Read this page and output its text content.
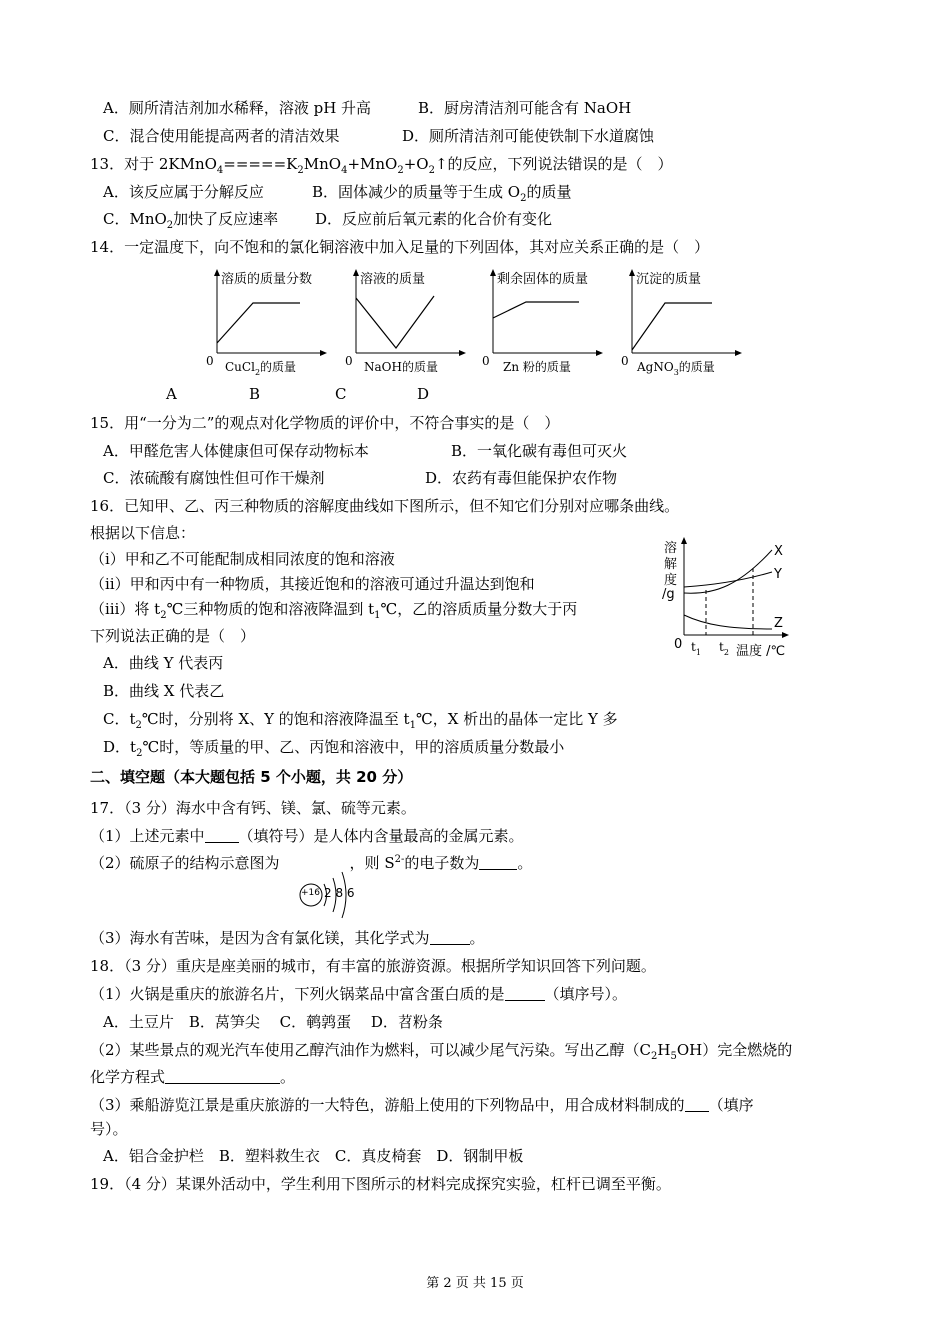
A．厕所清洁剂加水稀释，溶液 pH 升高	B．厨房清洁剂可能含有 NaOH
C．混合使用能提高两者的清洁效果	D．厕所清洁剂可能使铁制下水道腐蚀
13．对于 $2KMnO_4=====K_2MnO_4+MnO_2+O_2↑$的反应，下列说法错误的是（　）
A．该反应属于分解反应	B．固体减少的质量等于生成 $O_2$的质量
C．MnO$_2$加快了反应速率 D．反应前后氧元素的化合价有变化
14．一定温度下，向不饱和的氯化铜溶液中加入足量的下列固体，其对应关系正确的是（　）
溶质的质量分数
0 CuCl$_2$的质量
溶液的质量
0 NaOH的质量
剩余固体的质量
0 Zn 粉的质量
沉淀的质量
0 AgNO$_3$的质量
A	B	C	D
15．用“一分为二”的观点对化学物质的评价中，不符合事实的是（　）
A．甲醛危害人体健康但可保存动物标本	B．一氧化碳有毒但可灭火
C．浓硫酸有腐蚀性但可作干燥剂	D．农药有毒但能保护农作物
16．已知甲、乙、丙三种物质的溶解度曲线如下图所示，但不知它们分别对应哪条曲线。
根据以下信息：
（ⅰ）甲和乙不可能配制成相同浓度的饱和溶液
（ⅱ）甲和丙中有一种物质，其接近饱和的溶液可通过升温达到饱和
（ⅲ）将 $t_2℃$三种物质的饱和溶液降温到 $t_1℃$，乙的溶质质量分数大于丙
下列说法正确的是（　）
A．曲线 Y 代表丙
B．曲线 X 代表乙
C．$t_2℃$时，分别将 X、Y 的饱和溶液降温至 $t_1℃$，X 析出的晶体一定比 Y 多
D．$t_2℃$时，等质量的甲、乙、丙饱和溶液中，甲的溶质质量分数最小
溶
解
度
/g
X
Y
Z
0 $t_1$ $t_2$ 温度 /℃
二、填空题（本大题包括 5 个小题，共 20 分）
17．（3 分）海水中含有钙、镁、氯、硫等元素。
（1）上述元素中 （填符号）是人体内含量最高的金属元素。
（2）硫原子的结构示意图为	，则 $S^{2-}$的电子数为	。
+16 2 8 6
（3）海水有苦味，是因为含有氯化镁，其化学式为	。
18．（3 分）重庆是座美丽的城市，有丰富的旅游资源。根据所学知识回答下列问题。
（1）火锅是重庆的旅游名片，下列火锅菜品中富含蛋白质的是	（填序号）。
A．土豆片　B．莴笋尖　 C．鹌鹑蛋　 D．苕粉条
（2）某些景点的观光汽车使用乙醇汽油作为燃料，可以减少尾气污染。写出乙醇$(C_2H_5OH)$完全燃烧的
化学方程式	。
（3）乘船游览江景是重庆旅游的一大特色，游船上使用的下列物品中，用合成材料制成的 （填序
号）。
A．铝合金护栏　B．塑料救生衣　C．真皮椅套　D．钢制甲板
19．（4 分）某课外活动中，学生利用下图所示的材料完成探究实验，杠杆已调至平衡。
第 2 页 共 15 页
